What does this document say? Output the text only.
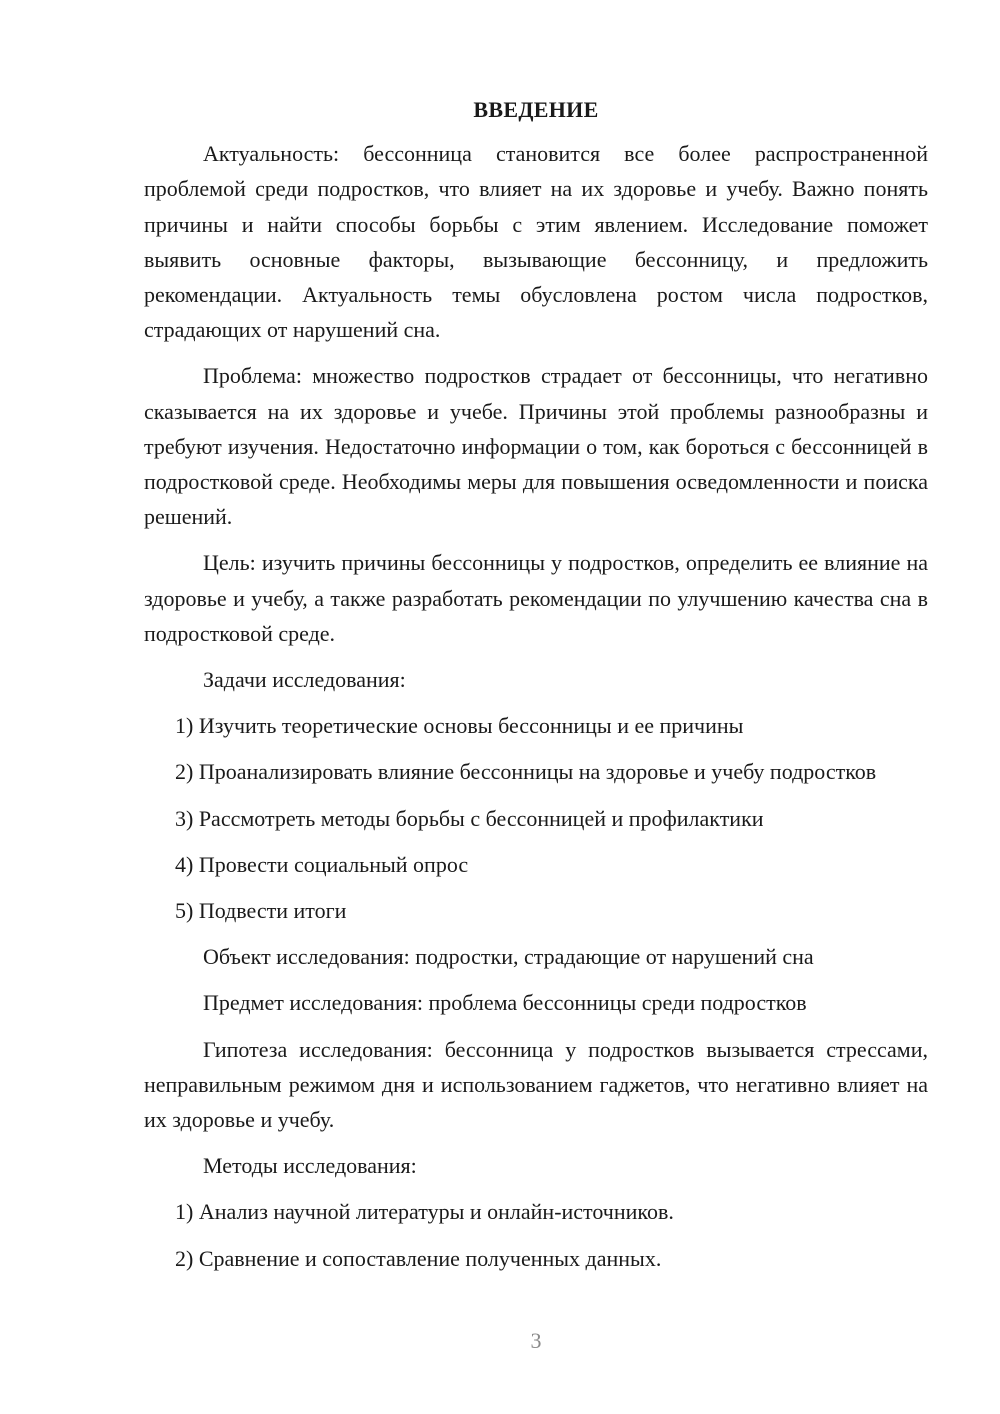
ВВЕДЕНИЕ

Актуальность: бессонница становится все более распространенной проблемой среди подростков, что влияет на их здоровье и учебу. Важно понять причины и найти способы борьбы с этим явлением. Исследование поможет выявить основные факторы, вызывающие бессонницу, и предложить рекомендации. Актуальность темы обусловлена ростом числа подростков, страдающих от нарушений сна.

Проблема: множество подростков страдает от бессонницы, что негативно сказывается на их здоровье и учебе. Причины этой проблемы разнообразны и требуют изучения. Недостаточно информации о том, как бороться с бессонницей в подростковой среде. Необходимы меры для повышения осведомленности и поиска решений.

Цель: изучить причины бессонницы у подростков, определить ее влияние на здоровье и учебу, а также разработать рекомендации по улучшению качества сна в подростковой среде.

Задачи исследования:

1) Изучить теоретические основы бессонницы и ее причины

2) Проанализировать влияние бессонницы на здоровье и учебу подростков

3) Рассмотреть методы борьбы с бессонницей и профилактики

4) Провести социальный опрос

5) Подвести итоги

Объект исследования: подростки, страдающие от нарушений сна

Предмет исследования: проблема бессонницы среди подростков

Гипотеза исследования: бессонница у подростков вызывается стрессами, неправильным режимом дня и использованием гаджетов, что негативно влияет на их здоровье и учебу.

Методы исследования:

1) Анализ научной литературы и онлайн-источников.

2) Сравнение и сопоставление полученных данных.

3
